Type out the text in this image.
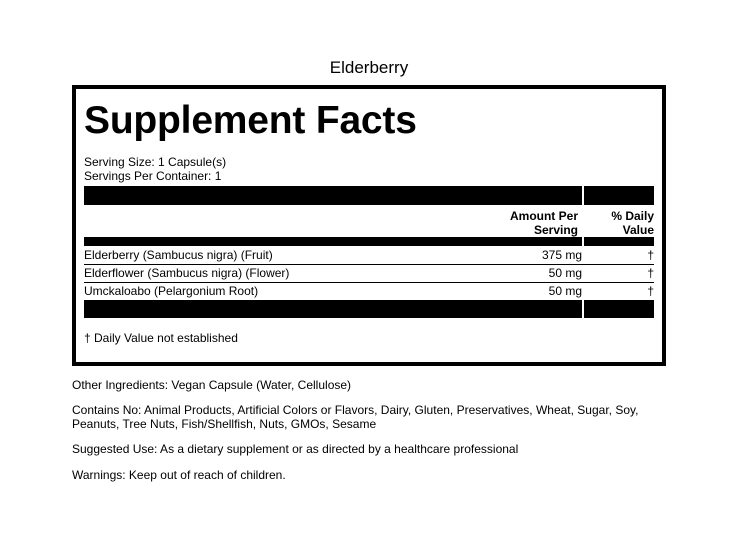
Elderberry
Supplement Facts
Serving Size: 1 Capsule(s)
Servings Per Container: 1
Amount Per Serving
% Daily Value
Elderberry (Sambucus nigra) (Fruit)	375 mg	†
Elderflower (Sambucus nigra) (Flower)	50 mg	†
Umckaloabo (Pelargonium Root)	50 mg	†
† Daily Value not established
Other Ingredients: Vegan Capsule (Water, Cellulose)
Contains No: Animal Products, Artificial Colors or Flavors, Dairy, Gluten, Preservatives, Wheat, Sugar, Soy, Peanuts, Tree Nuts, Fish/Shellfish, Nuts, GMOs, Sesame
Suggested Use: As a dietary supplement or as directed by a healthcare professional
Warnings: Keep out of reach of children.
